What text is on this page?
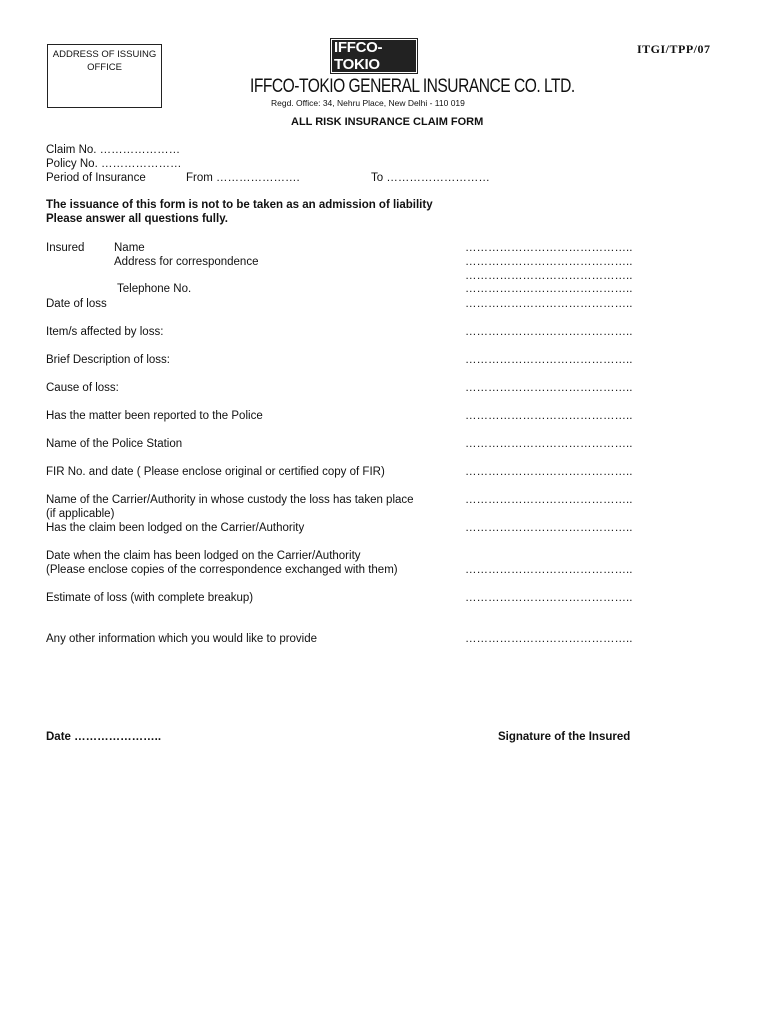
ADDRESS OF ISSUING
OFFICE
IFFCO-TOKIO
IFFCO-TOKIO GENERAL INSURANCE CO. LTD.
Regd. Office: 34, Nehru Place, New Delhi - 110 019
ALL RISK INSURANCE CLAIM FORM
ITGI/TPP/07
Claim No. …………………
Policy No. …………………
Period of Insurance	From ………………….	To ………………………
The issuance of this form is not to be taken as an admission of liability
Please answer all questions fully.
Insured	Name	……………………………………..
Address for correspondence	……………………………………..
……………………………………..
Telephone No.	……………………………………..
Date of loss	……………………………………..
Item/s affected by loss:	……………………………………..
Brief Description of loss:	……………………………………..
Cause of loss:	……………………………………..
Has the matter been reported to the Police	……………………………………..
Name of the Police Station	……………………………………..
FIR No. and date ( Please enclose original or certified copy of FIR)	……………………………………..
Name of the Carrier/Authority in whose custody the loss has taken place	……………………………………..
(if applicable)
Has the claim been lodged on the Carrier/Authority	……………………………………..
Date when the claim has been lodged on the Carrier/Authority
(Please enclose copies of the correspondence exchanged with them)	……………………………………..
Estimate of loss (with complete breakup)	……………………………………..
Any other information which you would like to provide	……………………………………..
Date …………………..	Signature of the Insured
